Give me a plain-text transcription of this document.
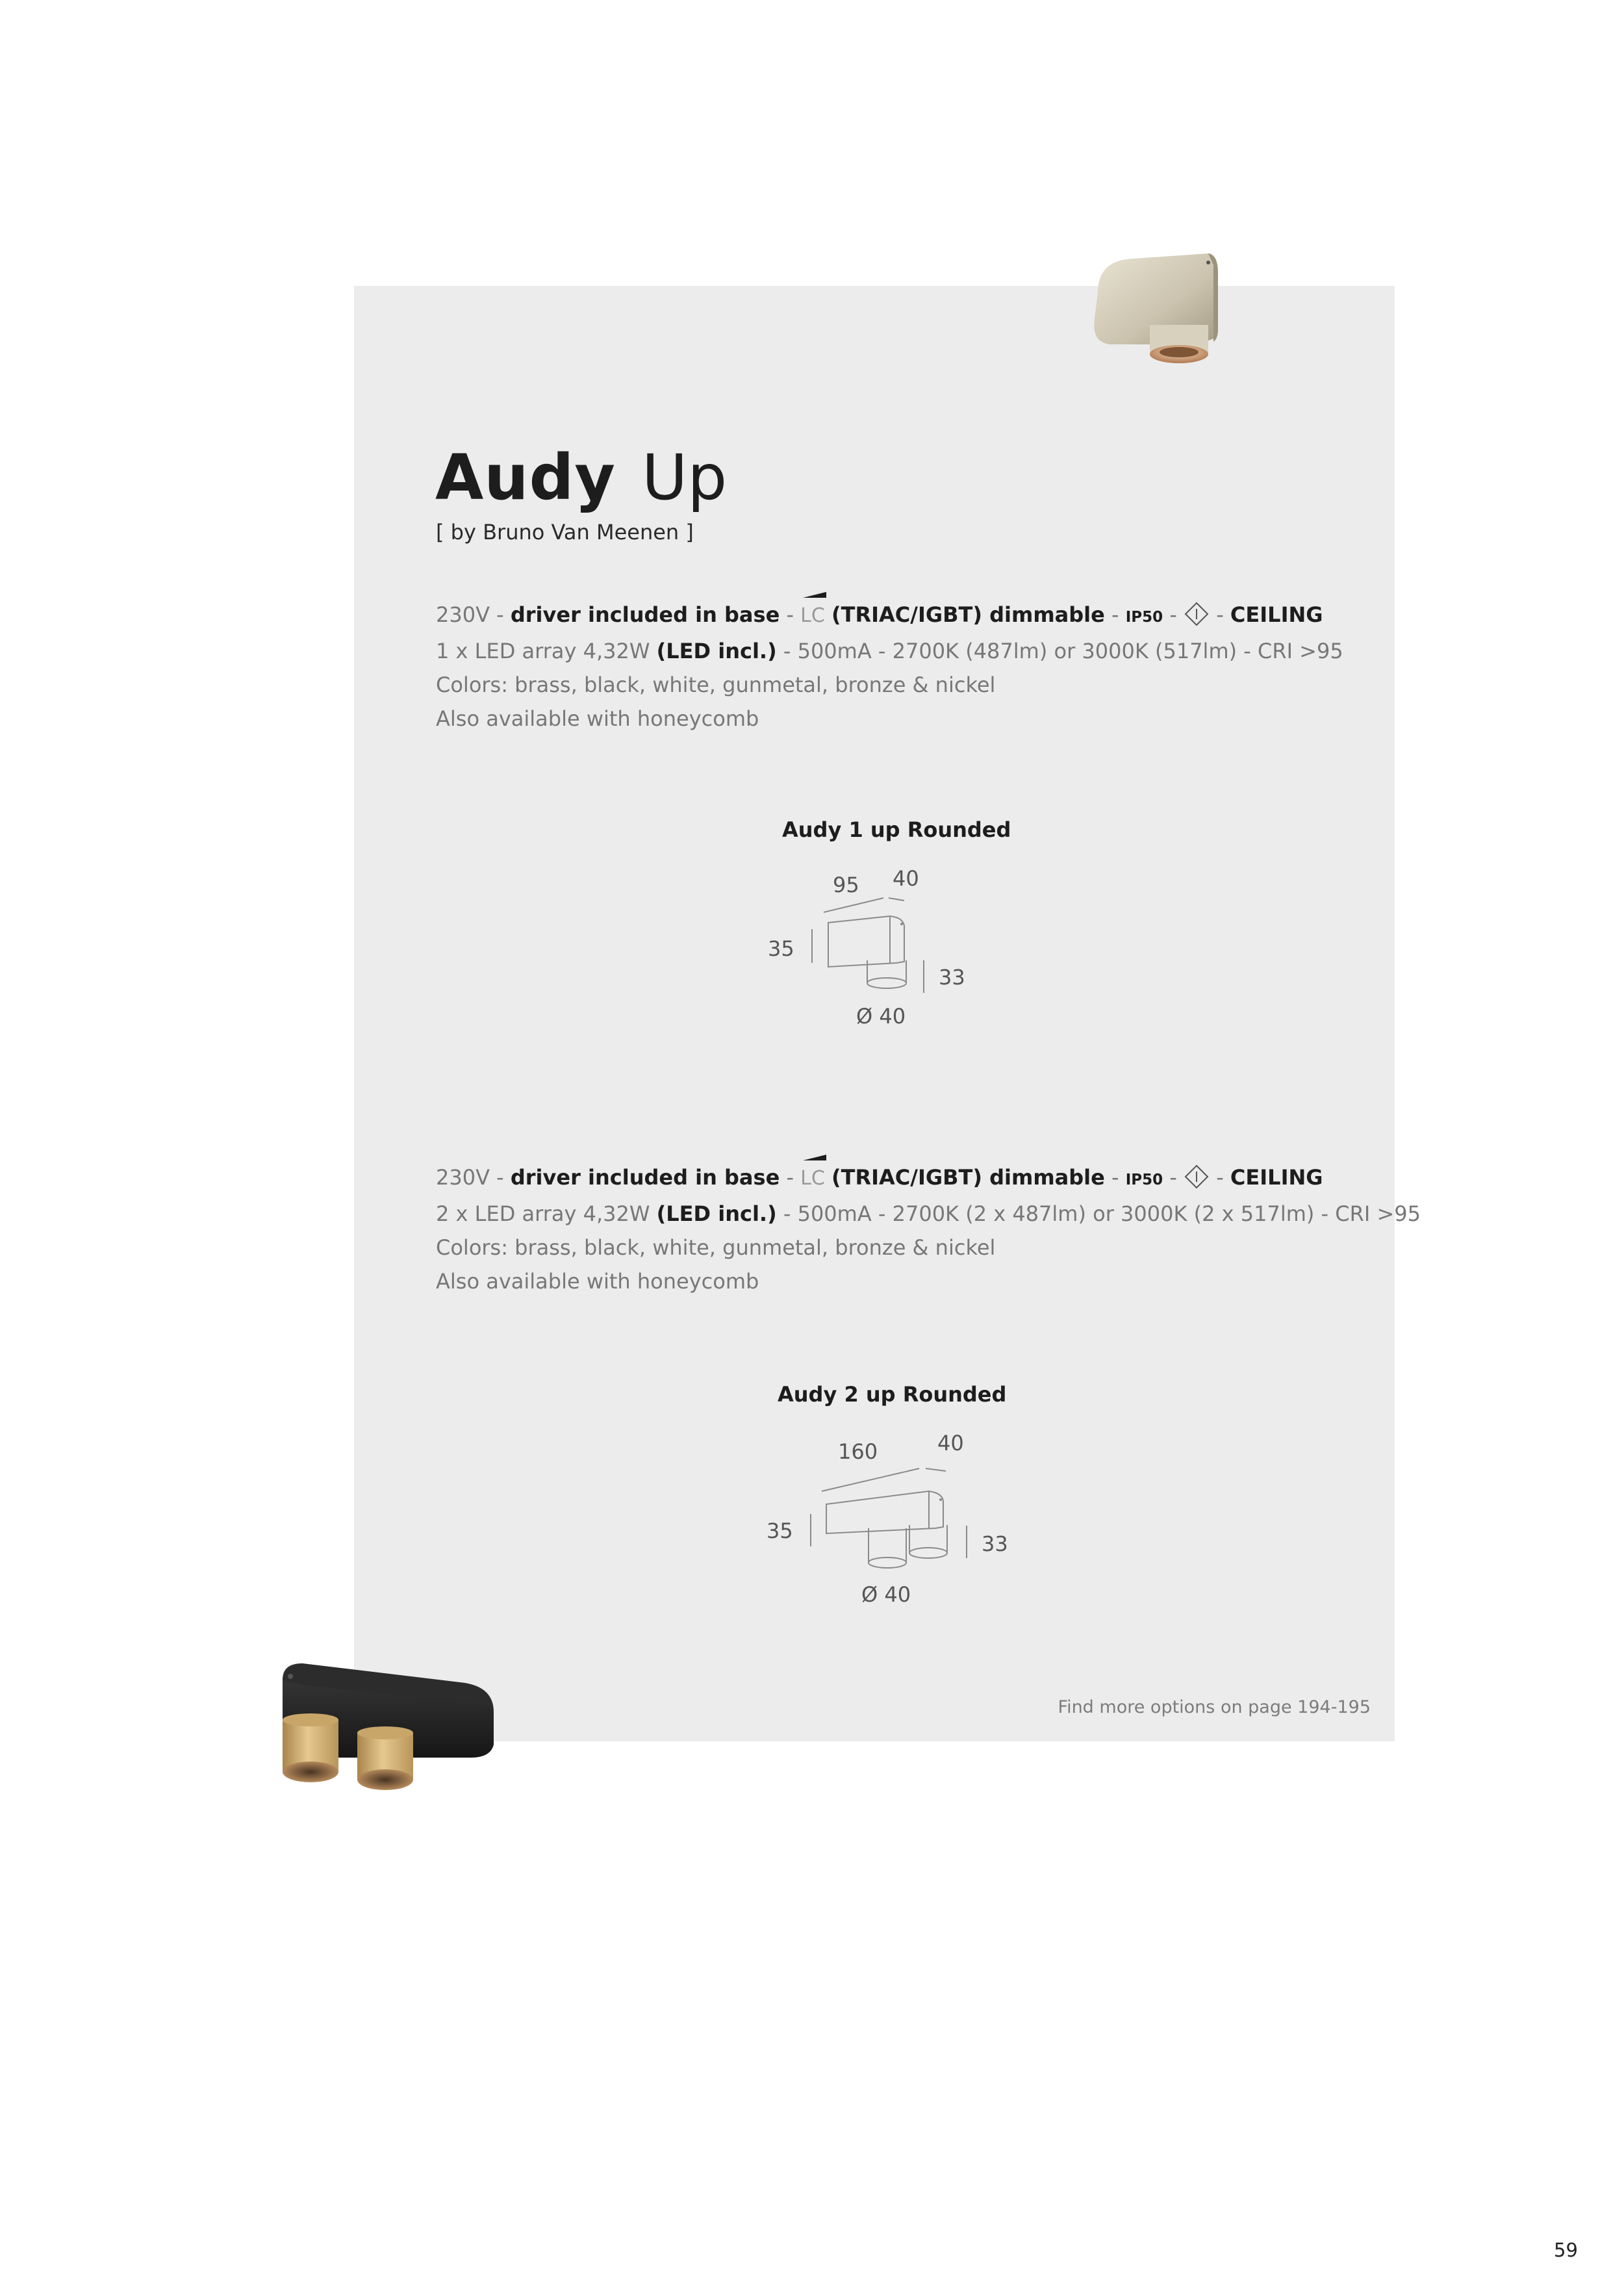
Audy Up
[ by Bruno Van Meenen ]
230V - driver included in base -
LC (TRIAC/IGBT) dimmable - IP50 -  - CEILING
1 x LED array 4,32W (LED incl.) - 500mA - 2700K (487lm) or 3000K (517lm) - CRI >95
Colors: brass, black, white, gunmetal, bronze & nickel
Also available with honeycomb
Audy 1 up Rounded
95 40
35
33
Ø 40
230V - driver included in base -
LC (TRIAC/IGBT) dimmable - IP50 -  - CEILING
2 x LED array 4,32W (LED incl.) - 500mA - 2700K (2 x 487lm) or 3000K (2 x 517lm) - CRI >95
Colors: brass, black, white, gunmetal, bronze & nickel
Also available with honeycomb
Audy 2 up Rounded
160	40
35
33
Ø 40
Find more options on page 194-195
59
